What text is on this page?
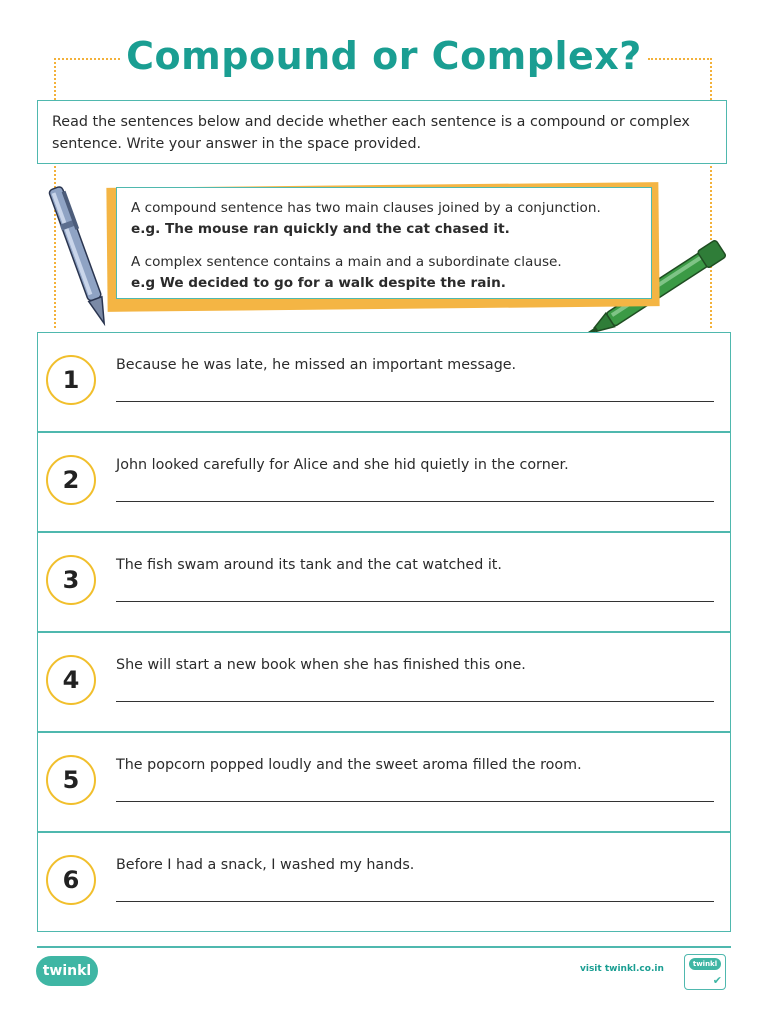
Compound or Complex?
Read the sentences below and decide whether each sentence is a compound or complex
sentence. Write your answer in the space provided.

A compound sentence has two main clauses joined by a conjunction.

e.g. The mouse ran quickly and the cat chased it.

A complex sentence contains a main and a subordinate clause.

e.g We decided to go for a walk despite the rain.

1
Because he was late, he missed an important message.
2
John looked carefully for Alice and she hid quietly in the corner.
3
The fish swam around its tank and the cat watched it.
4
She will start a new book when she has finished this one.
5
The popcorn popped loudly and the sweet aroma filled the room.
6
Before I had a snack, I washed my hands.
twinkl	visit twinkl.co.in	twinkl
✔
